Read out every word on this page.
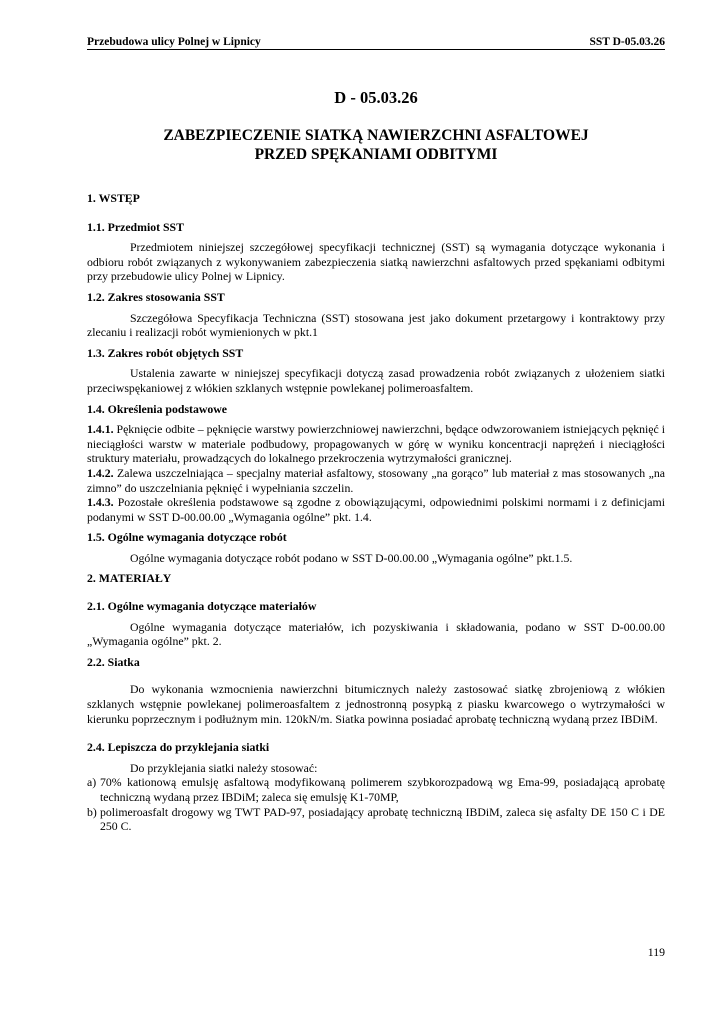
Przebudowa ulicy Polnej w Lipnicy	SST D-05.03.26
D - 05.03.26
ZABEZPIECZENIE SIATKĄ NAWIERZCHNI ASFALTOWEJ
PRZED SPĘKANIAMI ODBITYMI
1. WSTĘP
1.1. Przedmiot SST

Przedmiotem niniejszej szczegółowej specyfikacji technicznej (SST) są wymagania dotyczące wykonania i odbioru robót związanych z wykonywaniem zabezpieczenia siatką nawierzchni asfaltowych przed spękaniami odbitymi przy przebudowie ulicy Polnej w Lipnicy.

1.2. Zakres stosowania SST

Szczegółowa Specyfikacja Techniczna (SST) stosowana jest jako dokument przetargowy i kontraktowy przy zlecaniu i realizacji robót wymienionych w pkt.1

1.3. Zakres robót objętych SST

Ustalenia zawarte w niniejszej specyfikacji dotyczą zasad prowadzenia robót związanych z ułożeniem siatki przeciwspękaniowej z włókien szklanych wstępnie powlekanej polimeroasfaltem.

1.4. Określenia podstawowe

1.4.1. Pęknięcie odbite – pęknięcie warstwy powierzchniowej nawierzchni, będące odwzorowaniem istniejących pęknięć i nieciągłości warstw w materiale podbudowy, propagowanych w górę w wyniku koncentracji naprężeń i nieciągłości struktury materiału, prowadzących do lokalnego przekroczenia wytrzymałości granicznej.

1.4.2. Zalewa uszczelniająca – specjalny materiał asfaltowy, stosowany „na gorąco” lub materiał z mas stosowanych „na zimno” do uszczelniania pęknięć i wypełniania szczelin.

1.4.3. Pozostałe określenia podstawowe są zgodne z obowiązującymi, odpowiednimi polskimi normami i z definicjami podanymi w SST D-00.00.00 „Wymagania ogólne” pkt. 1.4.

1.5. Ogólne wymagania dotyczące robót

Ogólne wymagania dotyczące robót podano w SST D-00.00.00 „Wymagania ogólne” pkt.1.5.

2. MATERIAŁY
2.1. Ogólne wymagania dotyczące materiałów

Ogólne wymagania dotyczące materiałów, ich pozyskiwania i składowania, podano w SST D-00.00.00 „Wymagania ogólne” pkt. 2.

2.2. Siatka

Do wykonania wzmocnienia nawierzchni bitumicznych należy zastosować siatkę zbrojeniową z włókien szklanych wstępnie powlekanej polimeroasfaltem z jednostronną posypką z piasku kwarcowego o wytrzymałości w kierunku poprzecznym i podłużnym min. 120kN/m. Siatka powinna posiadać aprobatę techniczną wydaną przez IBDiM.

2.4. Lepiszcza do przyklejania siatki

Do przyklejania siatki należy stosować:

a) 70% kationową emulsję asfaltową modyfikowaną polimerem szybkorozpadową wg Ema-99, posiadającą aprobatę techniczną wydaną przez IBDiM; zaleca się emulsję K1-70MP,
b) polimeroasfalt drogowy wg TWT PAD-97, posiadający aprobatę techniczną IBDiM, zaleca się asfalty DE 150 C i DE 250 C.
119
